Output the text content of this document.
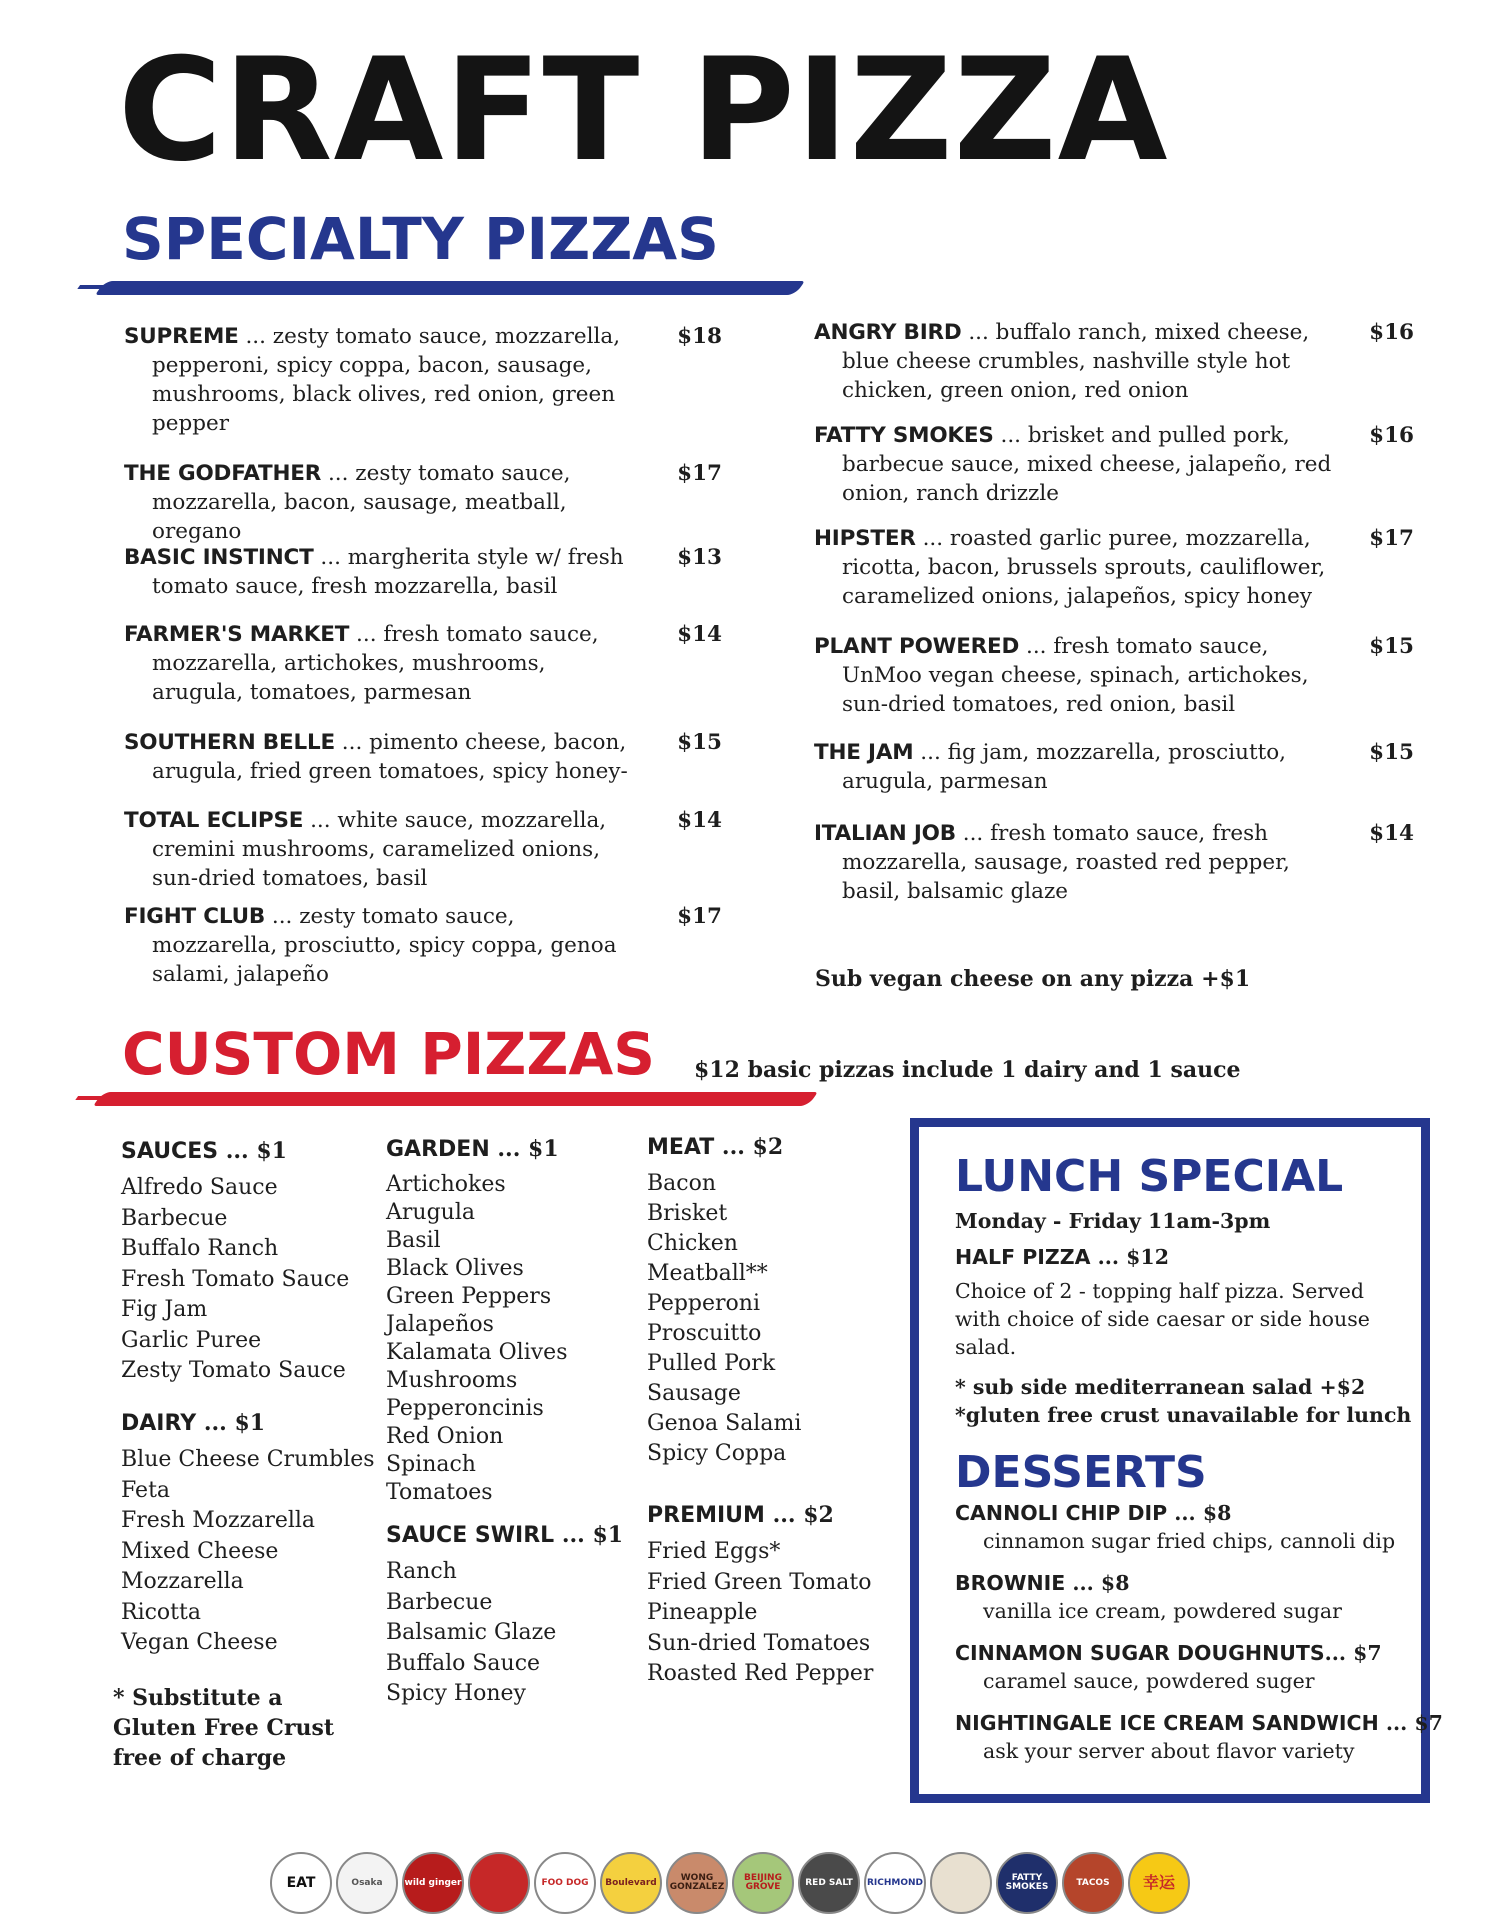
CRAFT PIZZA
SPECIALTY PIZZAS
SUPREME ... zesty tomato sauce, mozzarella, pepperoni, spicy coppa, bacon, sausage, mushrooms, black olives, red onion, green pepper
$18
THE GODFATHER ... zesty tomato sauce, mozzarella, bacon, sausage, meatball, oregano
$17
BASIC INSTINCT ... margherita style w/ fresh tomato sauce, fresh mozzarella, basil
$13
FARMER'S MARKET ... fresh tomato sauce, mozzarella, artichokes, mushrooms, arugula, tomatoes, parmesan
$14
SOUTHERN BELLE ... pimento cheese, bacon, arugula, fried green tomatoes, spicy honey-
$15
TOTAL ECLIPSE ... white sauce, mozzarella, cremini mushrooms, caramelized onions, sun-dried tomatoes, basil
$14
FIGHT CLUB ... zesty tomato sauce, mozzarella, prosciutto, spicy coppa, genoa salami, jalapeño
$17
ANGRY BIRD ... buffalo ranch, mixed cheese, blue cheese crumbles, nashville style hot chicken, green onion, red onion
$16
FATTY SMOKES ... brisket and pulled pork, barbecue sauce, mixed cheese, jalapeño, red onion, ranch drizzle
$16
HIPSTER ... roasted garlic puree, mozzarella, ricotta, bacon, brussels sprouts, cauliflower, caramelized onions, jalapeños, spicy honey
$17
PLANT POWERED ... fresh tomato sauce, UnMoo vegan cheese, spinach, artichokes, sun-dried tomatoes, red onion, basil
$15
THE JAM ... fig jam, mozzarella, prosciutto, arugula, parmesan
$15
ITALIAN JOB ... fresh tomato sauce, fresh mozzarella, sausage, roasted red pepper, basil, balsamic glaze
$14
Sub vegan cheese on any pizza +$1
CUSTOM PIZZAS $12 basic pizzas include 1 dairy and 1 sauce
SAUCES ... $1
Alfredo Sauce
Barbecue
Buffalo Ranch
Fresh Tomato Sauce
Fig Jam
Garlic Puree
Zesty Tomato Sauce
DAIRY ... $1
Blue Cheese Crumbles
Feta
Fresh Mozzarella
Mixed Cheese
Mozzarella
Ricotta
Vegan Cheese
* Substitute a
Gluten Free Crust
free of charge
GARDEN ... $1
Artichokes
Arugula
Basil
Black Olives
Green Peppers
Jalapeños
Kalamata Olives
Mushrooms
Pepperoncinis
Red Onion
Spinach
Tomatoes
SAUCE SWIRL ... $1
Ranch
Barbecue
Balsamic Glaze
Buffalo Sauce
Spicy Honey
MEAT ... $2
Bacon
Brisket
Chicken
Meatball**
Pepperoni
Proscuitto
Pulled Pork
Sausage
Genoa Salami
Spicy Coppa
PREMIUM ... $2
Fried Eggs*
Fried Green Tomato
Pineapple
Sun-dried Tomatoes
Roasted Red Pepper
LUNCH SPECIAL
Monday - Friday 11am-3pm
HALF PIZZA ... $12
Choice of 2 - topping half pizza. Served with choice of side caesar or side house salad.
* sub side mediterranean salad +$2
*gluten free crust unavailable for lunch
DESSERTS
CANNOLI CHIP DIP ... $8
cinnamon sugar fried chips, cannoli dip
BROWNIE ... $8
vanilla ice cream, powdered sugar
CINNAMON SUGAR DOUGHNUTS... $7
caramel sauce, powdered suger
NIGHTINGALE ICE CREAM SANDWICH ... $7
ask your server about flavor variety
EAT	Osaka wild ginger	FOO DOG Boulevard	WONG GONZALEZ
BEIJING GROVE	RED SALT RICHMOND	FATTY SMOKES	TACOS 幸运
